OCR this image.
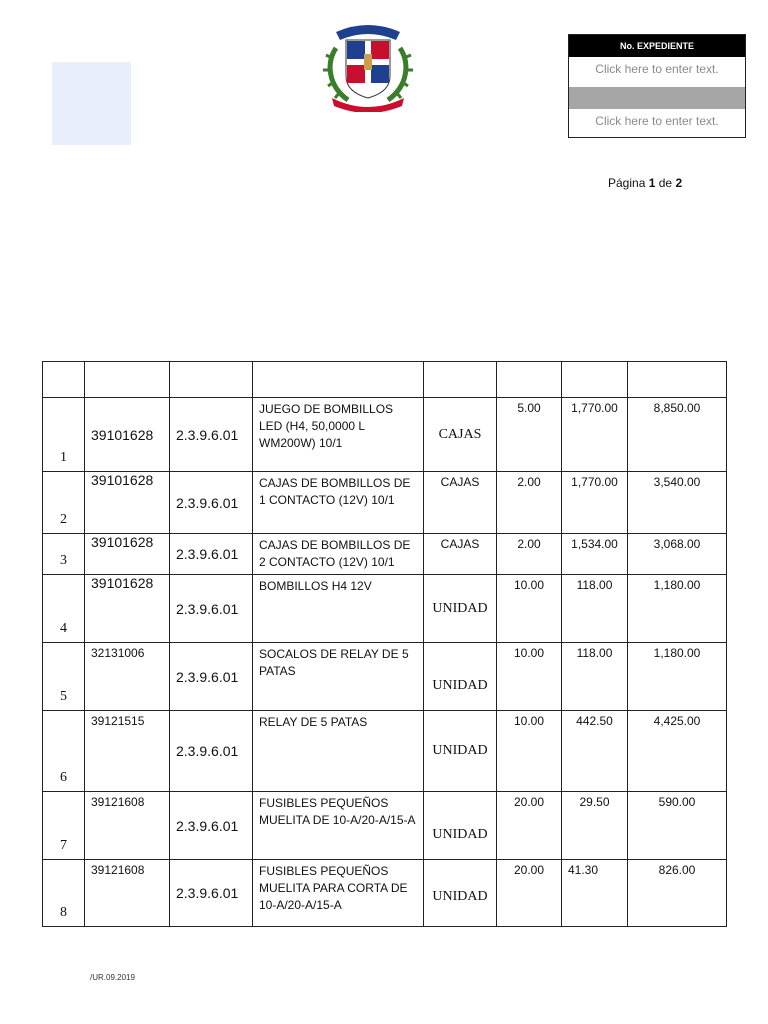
No. EXPEDIENTE
Click here to enter text.
Click here to enter text.
Página 1 de 2

1	39101628	2.3.9.6.01	JUEGO DE BOMBILLOS LED (H4, 50,0000 L WM200W) 10/1	CAJAS	5.00	1,770.00	8,850.00
2	39101628	2.3.9.6.01	CAJAS DE BOMBILLOS DE 1 CONTACTO (12V) 10/1	CAJAS	2.00	1,770.00	3,540.00
3	39101628	2.3.9.6.01	CAJAS DE BOMBILLOS DE 2 CONTACTO (12V) 10/1	CAJAS	2.00	1,534.00	3,068.00
4	39101628	2.3.9.6.01	BOMBILLOS H4 12V	UNIDAD	10.00	118.00	1,180.00
5	32131006	2.3.9.6.01	SOCALOS DE RELAY DE 5 PATAS	UNIDAD	10.00	118.00	1,180.00
6	39121515	2.3.9.6.01	RELAY DE 5 PATAS	UNIDAD	10.00	442.50	4,425.00
7	39121608	2.3.9.6.01	FUSIBLES PEQUEÑOS MUELITA DE 10-A/20-A/15-A	UNIDAD	20.00	29.50	590.00
8	39121608	2.3.9.6.01	FUSIBLES PEQUEÑOS MUELITA PARA CORTA DE 10-A/20-A/15-A	UNIDAD	20.00	41.30	826.00
/UR.09.2019
